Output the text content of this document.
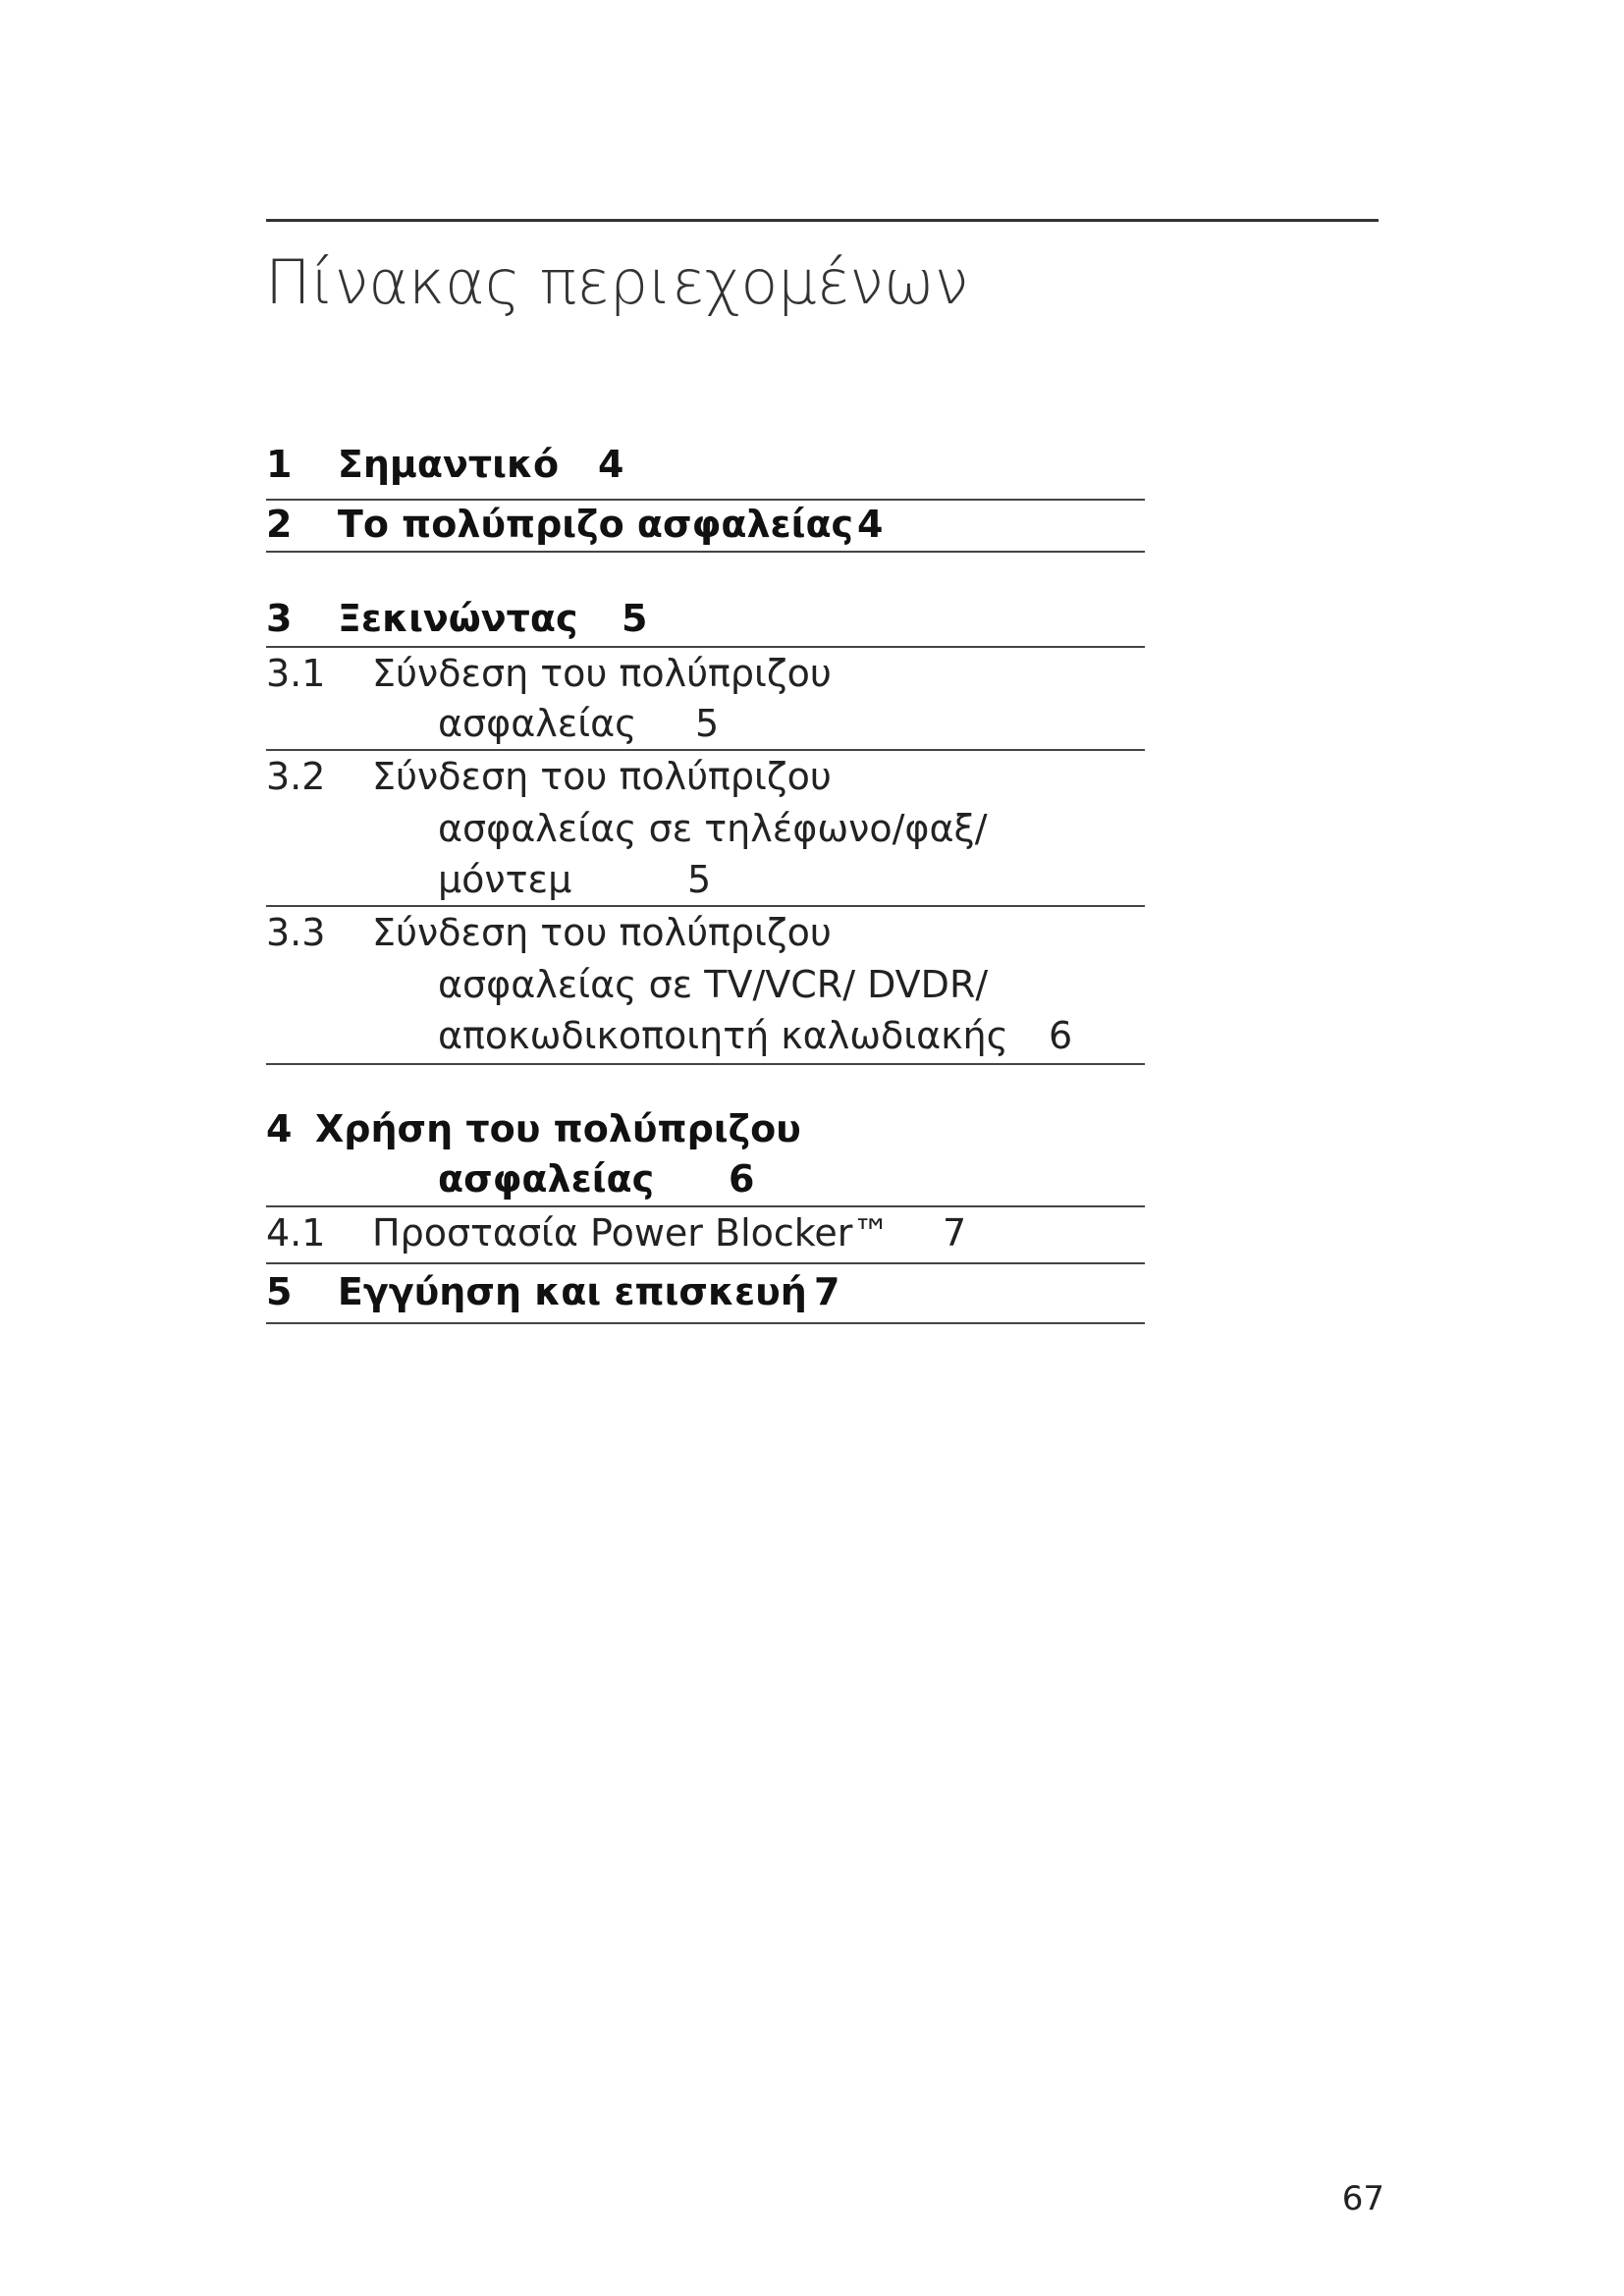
Πίνακας περιεχομένων
1 Σημαντικό 4
2 Το πολύπριζο ασφαλείας 4
3 Ξεκινώντας 5
3.1 Σύνδεση του πολύπριζου
ασφαλείας 5
3.2 Σύνδεση του πολύπριζου
ασφαλείας σε τηλέφωνο/φαξ/
μόντεμ	5
3.3 Σύνδεση του πολύπριζου
ασφαλείας σε TV/VCR/ DVDR/
αποκωδικοποιητή καλωδιακής 6
4 Χρήση του πολύπριζου
ασφαλείας 6
4.1 Προστασία Power Blocker™ 7
5 Εγγύηση και επισκευή 7
67
